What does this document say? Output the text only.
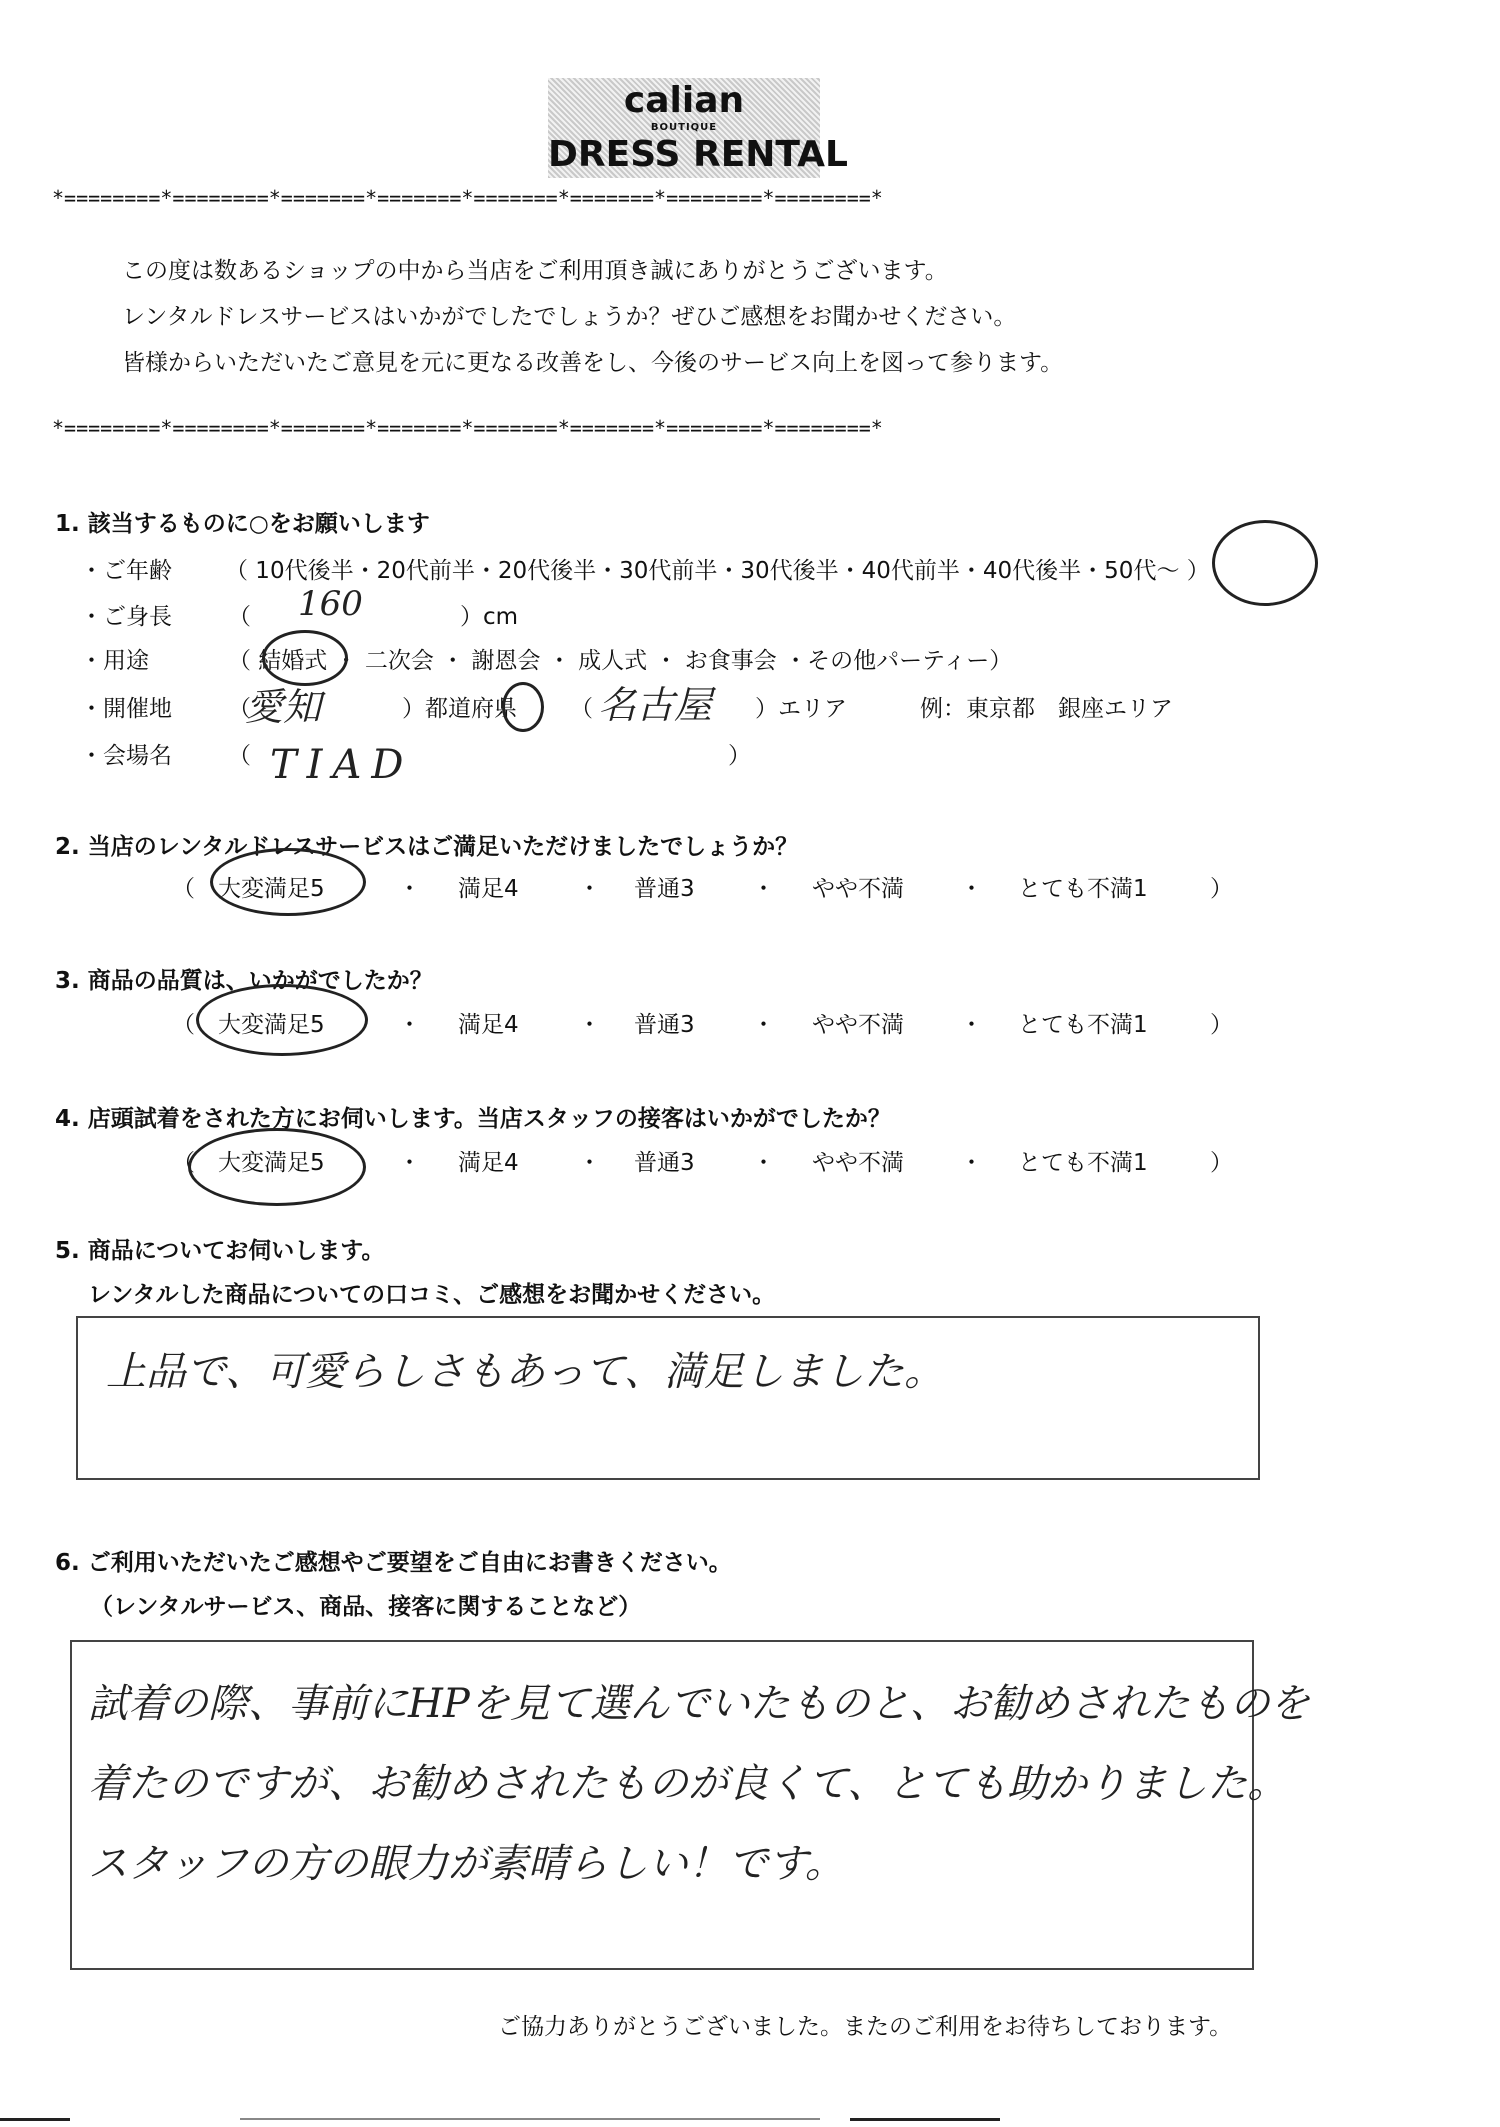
calian
BOUTIQUE
DRESS RENTAL
*========*========*=======*=======*=======*=======*========*========*
*========*========*=======*=======*=======*=======*========*========*
この度は数あるショップの中から当店をご利用頂き誠にありがとうございます。
レンタルドレスサービスはいかがでしたでしょうか？ぜひご感想をお聞かせください。
皆様からいただいたご意見を元に更なる改善をし、今後のサービス向上を図って参ります。
1. 該当するものに○をお願いします
・ご年齢 （ 10代後半・20代前半・20代後半・30代前半・30代後半・40代前半・40代後半・50代〜 ）
・ご身長 （ 160	）cm
・用途	（ 結婚式 ・ 二次会 ・ 謝恩会 ・ 成人式 ・ お食事会 ・その他パーティー）
・開催地 （
愛知	）都道府県 （ 名古屋 ）エリア	例：東京都　銀座エリア
・会場名 （ TIAD	）
2. 当店のレンタルドレスサービスはご満足いただけましたでしょうか？
（ 大変満足5	・ 満足4	・ 普通3 ・ やや不満 ・ とても不満1	）
3. 商品の品質は、いかがでしたか？
（ 大変満足5	・ 満足4	・ 普通3 ・ やや不満 ・ とても不満1	）
4. 店頭試着をされた方にお伺いします。当店スタッフの接客はいかがでしたか？
（ 大変満足5	・ 満足4	・ 普通3 ・ やや不満 ・ とても不満1	）
5. 商品についてお伺いします。
レンタルした商品についての口コミ、ご感想をお聞かせください。
上品で、可愛らしさもあって、満足しました。
6. ご利用いただいたご感想やご要望をご自由にお書きください。
（レンタルサービス、商品、接客に関することなど）
試着の際、事前にHPを見て選んでいたものと、お勧めされたものを
着たのですが、お勧めされたものが良くて、とても助かりました。
スタッフの方の眼力が素晴らしい！です。
ご協力ありがとうございました。またのご利用をお待ちしております。
